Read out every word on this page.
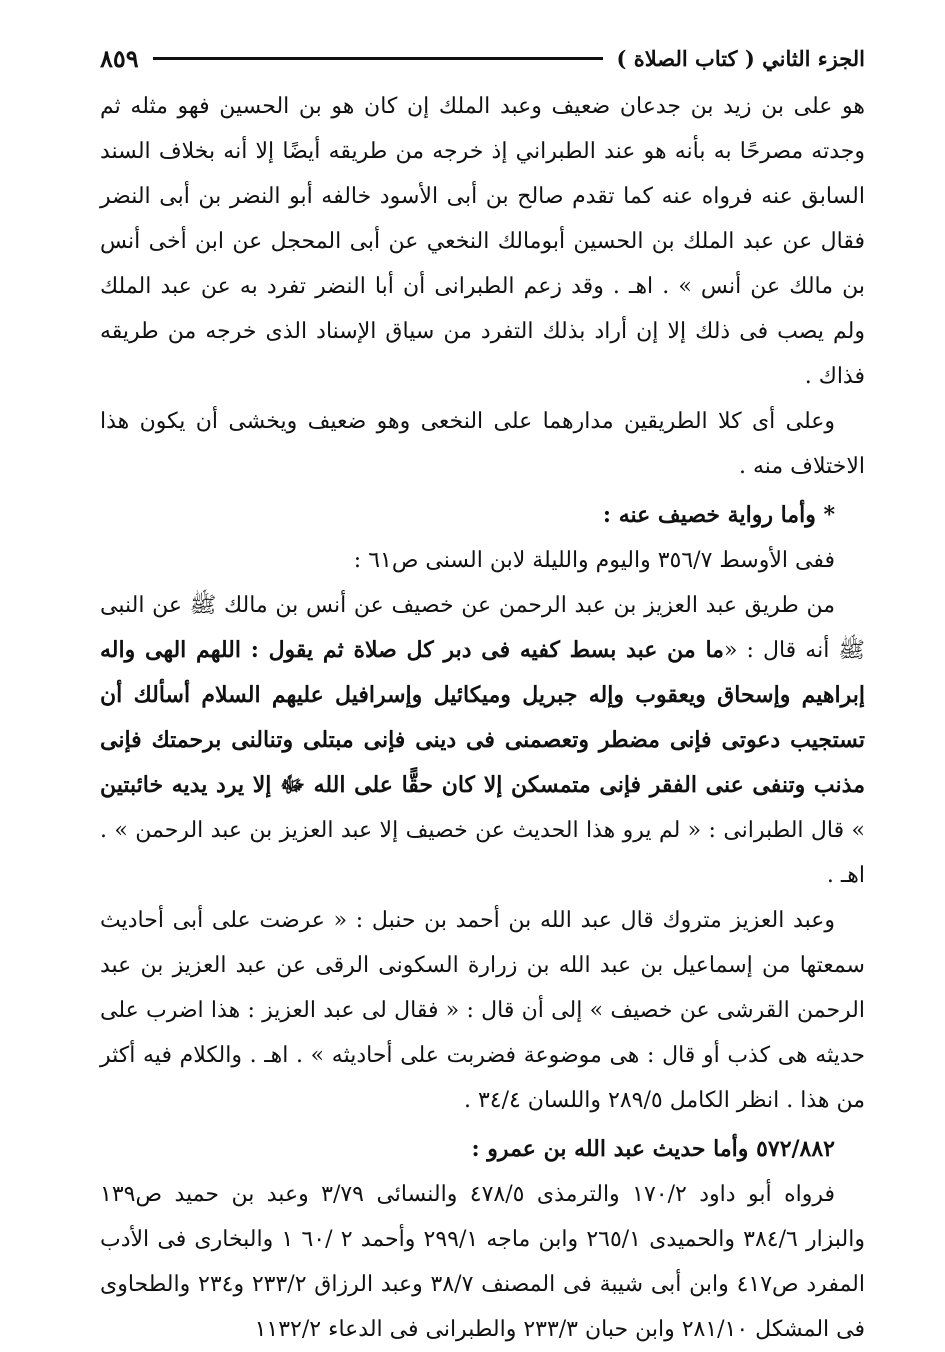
الجزء الثاني ( كتاب الصلاة )
٨٥٩

هو على بن زيد بن جدعان ضعيف وعبد الملك إن كان هو بن الحسين فهو مثله ثم وجدته مصرحًا به بأنه هو عند الطبراني إذ خرجه من طريقه أيضًا إلا أنه بخلاف السند السابق عنه فرواه عنه كما تقدم صالح بن أبى الأسود خالفه أبو النضر بن أبى النضر فقال عن عبد الملك بن الحسين أبومالك النخعي عن أبى المحجل عن ابن أخى أنس بن مالك عن أنس » . اهـ . وقد زعم الطبرانى أن أبا النضر تفرد به عن عبد الملك ولم يصب فى ذلك إلا إن أراد بذلك التفرد من سياق الإسناد الذى خرجه من طريقه فذاك .

وعلى أى كلا الطريقين مدارهما على النخعى وهو ضعيف ويخشى أن يكون هذا الاختلاف منه .

* وأما رواية خصيف عنه :

ففى الأوسط ٣٥٦/٧ واليوم والليلة لابن السنى ص٦١ :

من طريق عبد العزيز بن عبد الرحمن عن خصيف عن أنس بن مالك ﷺ عن النبى ﷺ أنه قال : «ما من عبد بسط كفيه فى دبر كل صلاة ثم يقول : اللهم الهى واله إبراهيم وإسحاق ويعقوب وإله جبريل وميكائيل وإسرافيل عليهم السلام أسألك أن تستجيب دعوتى فإنى مضطر وتعصمنى فى دينى فإنى مبتلى وتنالنى برحمتك فإنى مذنب وتنفى عنى الفقر فإنى متمسكن إلا كان حقًّا على الله ﷻ إلا يرد يديه خائبتين » قال الطبرانى : « لم يرو هذا الحديث عن خصيف إلا عبد العزيز بن عبد الرحمن » . اهـ .

وعبد العزيز متروك قال عبد الله بن أحمد بن حنبل : « عرضت على أبى أحاديث سمعتها من إسماعيل بن عبد الله بن زرارة السكونى الرقى عن عبد العزيز بن عبد الرحمن القرشى عن خصيف » إلى أن قال : « فقال لى عبد العزيز : هذا اضرب على حديثه هى كذب أو قال : هى موضوعة فضربت على أحاديثه » . اهـ . والكلام فيه أكثر من هذا . انظر الكامل ٢٨٩/٥ واللسان ٣٤/٤ .

٥٧٢/٨٨٢ وأما حديث عبد الله بن عمرو :

فرواه أبو داود ١٧٠/٢ والترمذى ٤٧٨/٥ والنسائى ٣/٧٩ وعبد بن حميد ص١٣٩ والبزار ٣٨٤/٦ والحميدى ٢٦٥/١ وابن ماجه ٢٩٩/١ وأحمد ٢ /٦٠ ١ والبخارى فى الأدب المفرد ص٤١٧ وابن أبى شيبة فى المصنف ٣٨/٧ وعبد الرزاق ٢٣٣/٢ و٢٣٤ والطحاوى فى المشكل ٢٨١/١٠ وابن حبان ٢٣٣/٣ والطبرانى فى الدعاء ١١٣٢/٢
